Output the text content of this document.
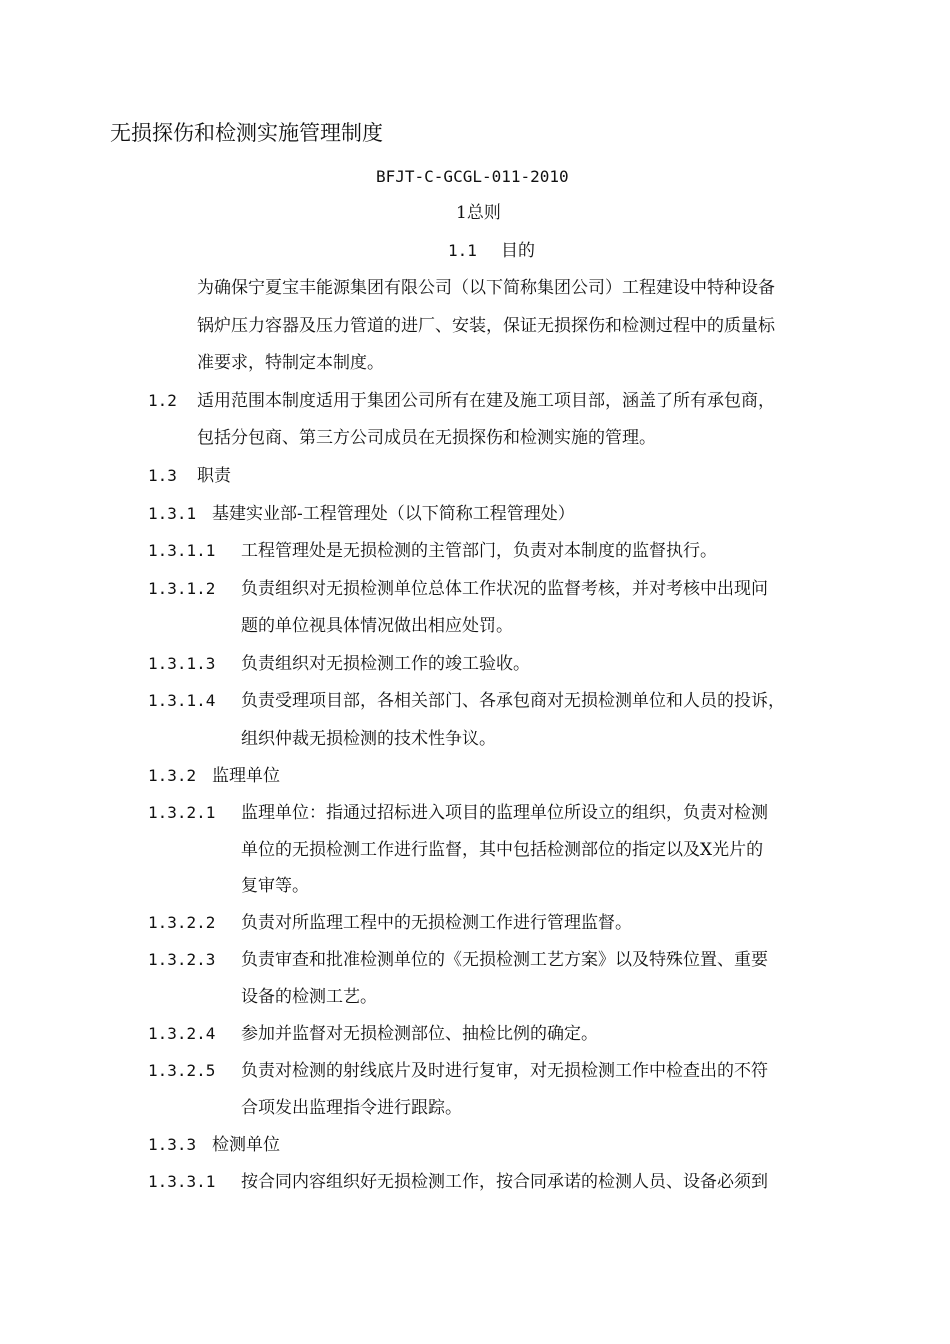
无损探伤和检测实施管理制度
BFJT-C-GCGL-011-2010
1总则
1.1 目的
为确保宁夏宝丰能源集团有限公司（以下简称集团公司）工程建设中特种设备
锅炉压力容器及压力管道的进厂、安装，保证无损探伤和检测过程中的质量标
准要求，特制定本制度。
1.2 适用范围本制度适用于集团公司所有在建及施工项目部，涵盖了所有承包商，
包括分包商、第三方公司成员在无损探伤和检测实施的管理。
1.3 职责
1.3.1 基建实业部-工程管理处（以下简称工程管理处）
1.3.1.1 工程管理处是无损检测的主管部门，负责对本制度的监督执行。
1.3.1.2 负责组织对无损检测单位总体工作状况的监督考核，并对考核中出现问
题的单位视具体情况做出相应处罚。
1.3.1.3 负责组织对无损检测工作的竣工验收。
1.3.1.4 负责受理项目部，各相关部门、各承包商对无损检测单位和人员的投诉，
组织仲裁无损检测的技术性争议。
1.3.2 监理单位
1.3.2.1 监理单位：指通过招标进入项目的监理单位所设立的组织，负责对检测
单位的无损检测工作进行监督，其中包括检测部位的指定以及X光片的
复审等。
1.3.2.2 负责对所监理工程中的无损检测工作进行管理监督。
1.3.2.3 负责审查和批准检测单位的《无损检测工艺方案》以及特殊位置、重要
设备的检测工艺。
1.3.2.4 参加并监督对无损检测部位、抽检比例的确定。
1.3.2.5 负责对检测的射线底片及时进行复审，对无损检测工作中检查出的不符
合项发出监理指令进行跟踪。
1.3.3 检测单位
1.3.3.1 按合同内容组织好无损检测工作，按合同承诺的检测人员、设备必须到
